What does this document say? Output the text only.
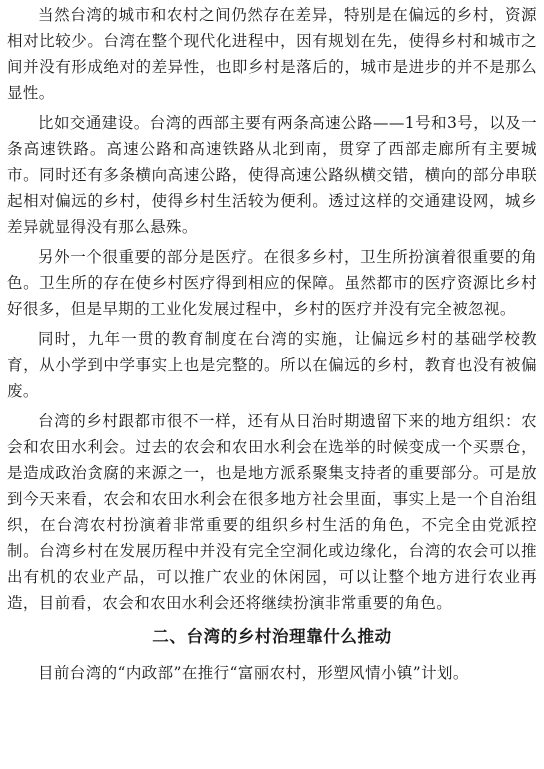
当然台湾的城市和农村之间仍然存在差异，特别是在偏远的乡村，资源相对比较少。台湾在整个现代化进程中，因有规划在先，使得乡村和城市之间并没有形成绝对的差异性，也即乡村是落后的，城市是进步的并不是那么显性。

比如交通建设。台湾的西部主要有两条高速公路——1号和3号，以及一条高速铁路。高速公路和高速铁路从北到南，贯穿了西部走廊所有主要城市。同时还有多条横向高速公路，使得高速公路纵横交错，横向的部分串联起相对偏远的乡村，使得乡村生活较为便利。透过这样的交通建设网，城乡差异就显得没有那么悬殊。

另外一个很重要的部分是医疗。在很多乡村，卫生所扮演着很重要的角色。卫生所的存在使乡村医疗得到相应的保障。虽然都市的医疗资源比乡村好很多，但是早期的工业化发展过程中，乡村的医疗并没有完全被忽视。

同时，九年一贯的教育制度在台湾的实施，让偏远乡村的基础学校教育，从小学到中学事实上也是完整的。所以在偏远的乡村，教育也没有被偏废。

台湾的乡村跟都市很不一样，还有从日治时期遗留下来的地方组织：农会和农田水利会。过去的农会和农田水利会在选举的时候变成一个买票仓，是造成政治贪腐的来源之一，也是地方派系聚集支持者的重要部分。可是放到今天来看，农会和农田水利会在很多地方社会里面，事实上是一个自治组织，在台湾农村扮演着非常重要的组织乡村生活的角色，不完全由党派控制。台湾乡村在发展历程中并没有完全空洞化或边缘化，台湾的农会可以推出有机的农业产品，可以推广农业的休闲园，可以让整个地方进行农业再造，目前看，农会和农田水利会还将继续扮演非常重要的角色。

二、台湾的乡村治理靠什么推动

目前台湾的“内政部”在推行“富丽农村，形塑风情小镇”计划。
